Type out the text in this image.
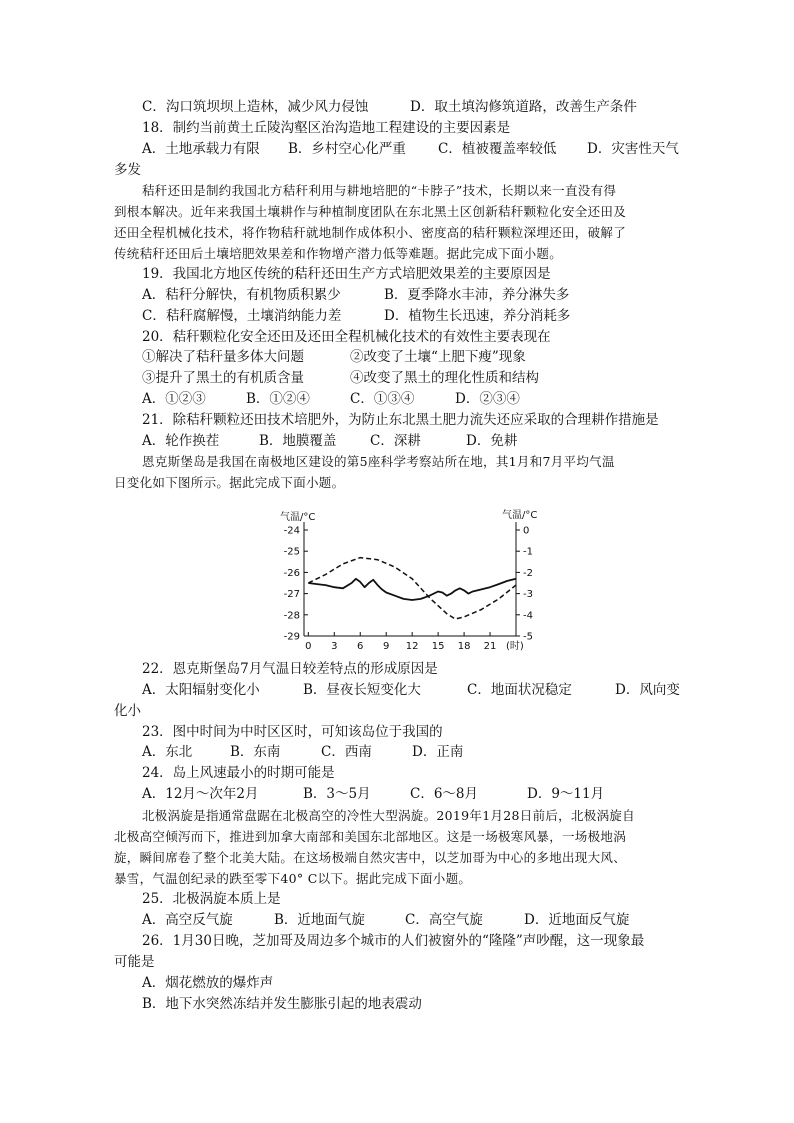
C．沟口筑坝坝上造林，减少风力侵蚀	D．取土填沟修筑道路，改善生产条件
18．制约当前黄土丘陵沟壑区治沟造地工程建设的主要因素是
A．土地承载力有限 B．乡村空心化严重 C．植被覆盖率较低 D．灾害性天气
多发
秸秆还田是制约我国北方秸秆利用与耕地培肥的“卡脖子”技术，长期以来一直没有得
到根本解决。近年来我国土壤耕作与种植制度团队在东北黑土区创新秸秆颗粒化安全还田及
还田全程机械化技术，将作物秸秆就地制作成体积小、密度高的秸秆颗粒深埋还田，破解了
传统秸秆还田后土壤培肥效果差和作物增产潜力低等难题。据此完成下面小题。
19．我国北方地区传统的秸秆还田生产方式培肥效果差的主要原因是
A．秸秆分解快，有机物质积累少	B．夏季降水丰沛，养分淋失多
C．秸秆腐解慢，土壤消纳能力差	D．植物生长迅速，养分消耗多
20．秸秆颗粒化安全还田及还田全程机械化技术的有效性主要表现在
①解决了秸秆量多体大问题	②改变了土壤“上肥下瘦”现象
③提升了黑土的有机质含量	④改变了黑土的理化性质和结构
A．①②③	B．①②④	C．①③④	D．②③④
21．除秸秆颗粒还田技术培肥外，为防止东北黑土肥力流失还应采取的合理耕作措施是
A．轮作换茬	B．地膜覆盖 C．深耕	D．免耕
恩克斯堡岛是我国在南极地区建设的第5座科学考察站所在地，其1月和7月平均气温
日变化如下图所示。据此完成下面小题。
-24
-25
-26
-27
-28
-29
0
-1
-2
-3
-4
-5
0 3 6 9 12 15 18 21
气温/°C	气温/°C
(时)
22．恩克斯堡岛7月气温日较差特点的形成原因是
A．太阳辐射变化小	B．昼夜长短变化大	C．地面状况稳定	D．风向变
化小
23．图中时间为中时区区时，可知该岛位于我国的
A．东北	B．东南	C．西南	D．正南
24．岛上风速最小的时期可能是
A．12月～次年2月	B．3～5月	C．6～8月	D．9～11月
北极涡旋是指通常盘踞在北极高空的冷性大型涡旋。2019年1月28日前后，北极涡旋自
北极高空倾泻而下，推进到加拿大南部和美国东北部地区。这是一场极寒风暴，一场极地涡
旋，瞬间席卷了整个北美大陆。在这场极端自然灾害中，以芝加哥为中心的多地出现大风、
暴雪，气温创纪录的跌至零下40° C以下。据此完成下面小题。
25．北极涡旋本质上是
A．高空反气旋	B．近地面气旋	C．高空气旋	D．近地面反气旋
26．1月30日晚，芝加哥及周边多个城市的人们被窗外的“隆隆”声吵醒，这一现象最
可能是
A．烟花燃放的爆炸声
B．地下水突然冻结并发生膨胀引起的地表震动
